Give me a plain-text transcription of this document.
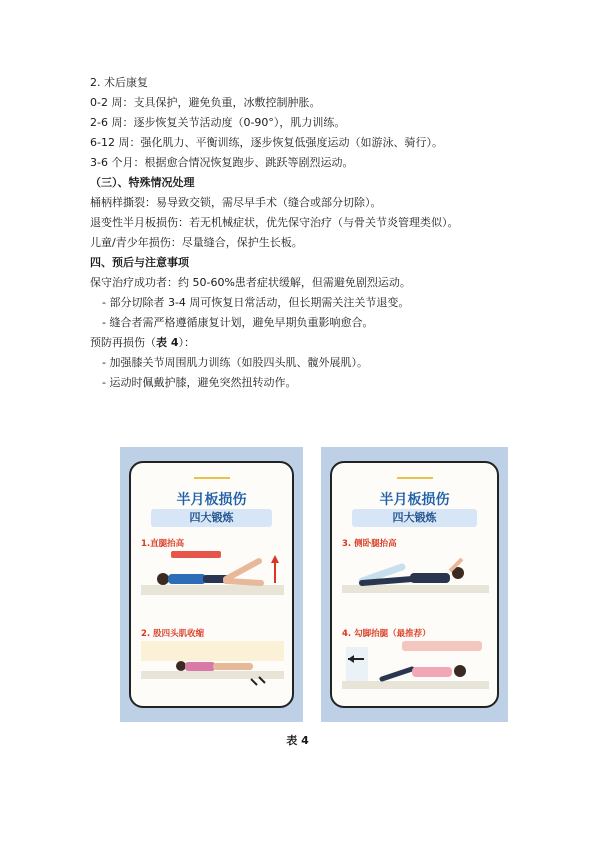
2. 术后康复
0-2 周：支具保护，避免负重，冰敷控制肿胀。
2-6 周：逐步恢复关节活动度（0-90°），肌力训练。
6-12 周：强化肌力、平衡训练，逐步恢复低强度运动（如游泳、骑行）。
3-6 个月：根据愈合情况恢复跑步、跳跃等剧烈运动。
（三）、特殊情况处理
桶柄样撕裂：易导致交锁，需尽早手术（缝合或部分切除）。
退变性半月板损伤：若无机械症状，优先保守治疗（与骨关节炎管理类似）。
儿童/青少年损伤：尽量缝合，保护生长板。
四、预后与注意事项
保守治疗成功者：约 50-60%患者症状缓解，但需避免剧烈运动。
- 部分切除者 3-4 周可恢复日常活动，但长期需关注关节退变。
- 缝合者需严格遵循康复计划，避免早期负重影响愈合。
预防再损伤（表 4）：
- 加强膝关节周围肌力训练（如股四头肌、髋外展肌）。
- 运动时佩戴护膝，避免突然扭转动作。
半月板损伤
四大锻炼
1.直腿抬高

2. 股四头肌收缩
半月板损伤
四大锻炼
3. 侧卧腿抬高

4. 勾脚抬腿（最推荐）
表 4
